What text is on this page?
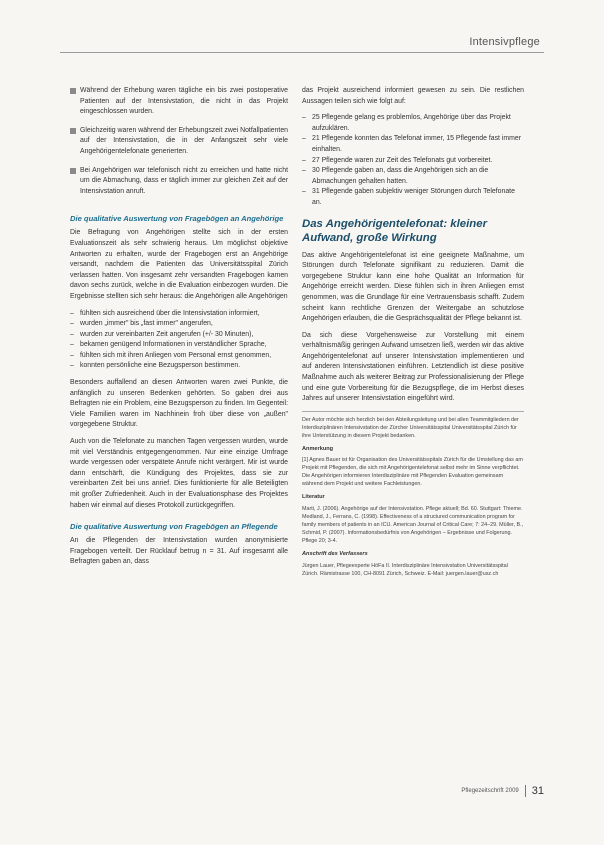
Intensivpflege

Während der Erhebung waren tägliche ein bis zwei postoperative Patienten auf der Intensivstation, die nicht in das Projekt eingeschlossen wurden.

Gleichzeitig waren während der Erhebungszeit zwei Notfallpatienten auf der Intensivstation, die in der Anfangszeit sehr viele Angehörigentelefonate generierten.

Bei Angehörigen war telefonisch nicht zu erreichen und hatte nicht um die Abmachung, dass er täglich immer zur gleichen Zeit auf der Intensivstation anruft.

Die qualitative Auswertung von Fragebögen an Angehörige

Die Befragung von Angehörigen stellte sich in der ersten Evaluationszeit als sehr schwierig heraus. Um möglichst objektive Antworten zu erhalten, wurde der Fragebogen erst an Angehörige versandt, nachdem die Patienten das Universitätsspital Zürich verlassen hatten. Von insgesamt zehr versandten Fragebogen kamen davon sechs zurück, welche in die Evaluation einbezogen wurden. Die Ergebnisse stellten sich sehr heraus: die Angehörigen alle Angehörigen

– fühlten sich ausreichend über die Intensivstation informiert,
– wurden „immer" bis „fast immer" angerufen,
– wurden zur vereinbarten Zeit angerufen (+/- 30 Minuten),
– bekamen genügend Informationen in verständlicher Sprache,
– fühlten sich mit ihren Anliegen vom Personal ernst genommen,
– konnten persönliche eine Bezugsperson bestimmen.

Besonders auffallend an diesen Antworten waren zwei Punkte, die anfänglich zu unseren Bedenken gehörten. So gaben drei aus Befragten nie ein Problem, eine Bezugsperson zu finden. Im Gegenteil: Viele Familien waren im Nachhinein froh über diese von „außen" vorgegebene Struktur.

Auch von die Telefonate zu manchen Tagen vergessen wurden, wurde mit viel Verständnis entgegengenommen. Nur eine einzige Umfrage wurde vergessen oder verspätete Anrufe nicht verärgert. Mir ist wurde dann entschärft, die Kündigung des Projektes, dass sie zur vereinbarten Zeit bei uns anrief. Dies funktionierte für alle Beteiligten mit großer Zufriedenheit. Auch in der Evaluationsphase des Projektes haben wir einmal auf dieses Protokoll zurückgegriffen.

Die qualitative Auswertung von Fragebögen an Pflegende

An die Pflegenden der Intensivstation wurden anonymisierte Fragebogen verteilt. Der Rücklauf betrug n = 31. Auf insgesamt alle Befragten gaben an, dass

das Projekt ausreichend informiert gewesen zu sein. Die restlichen Aussagen teilen sich wie folgt auf:

– 25 Pflegende gelang es problemlos, Angehörige über das Projekt aufzuklären.
– 21 Pflegende konnten das Telefonat immer, 15 Pflegende fast immer einhalten.
– 27 Pflegende waren zur Zeit des Telefonats gut vorbereitet.
– 30 Pflegende gaben an, dass die Angehörigen sich an die Abmachungen gehalten hatten.
– 31 Pflegende gaben subjektiv weniger Störungen durch Telefonate an.
Das Angehörigentelefonat: kleiner Aufwand, große Wirkung

Das aktive Angehörigentelefonat ist eine geeignete Maßnahme, um Störungen durch Telefonate signifikant zu reduzieren. Damit die vorgegebene Struktur kann eine hohe Qualität an Information für Angehörige erreicht werden. Diese fühlen sich in ihren Anliegen ernst genommen, was die Grundlage für eine Vertrauensbasis schafft. Zudem scheint kann rechtliche Grenzen der Weitergabe an schutzlose Angehörigen erlauben, die die Gesprächsqualität der Pflege bekannt ist.

Da sich diese Vorgehensweise zur Vorstellung mit einem verhältnismäßig geringen Aufwand umsetzen ließ, werden wir das aktive Angehörigentelefonat auf unserer Intensivstation implementieren und auf anderen Intensivstationen einführen. Letztendlich ist diese positive Maßnahme auch als weiterer Beitrag zur Professionalisierung der Pflege und eine gute Vorbereitung für die Bezugspflege, die im Herbst dieses Jahres auf unserer Intensivstation eingeführt wird.

Der Autor möchte sich herzlich bei den Abteilungsleitung und bei allen Teammitgliedern der Interdisziplinären Intensivstation der Zürcher Universitätsspital Universitätsspital Zürich für ihre Unterstützung in diesem Projekt bedanken.
Anmerkung
[1] Agnes Bauer ist für Organisation des Universitätsspitals Zürich für die Umstellung das am Projekt mit Pflegenden, die sich mit Angehörigentelefonat selbst mehr im Sinne verpflichtet. Die Angehörigen informieren Interdisziplinäre mit Pflegenden Evaluation gemeinsam während dem Projekt und weitere Fachleistungen.
Literatur
Marti, J. (2006). Angehörige auf der Intensivstation. Pflege aktuell; Bd. 60. Stuttgart: Thieme. Medland, J., Ferrans, C. (1998). Effectiveness of a structured communication program for family members of patients in an ICU. American Journal of Critical Care; 7: 24–29. Müller, B., Schmid, P. (2007). Informationsbedürfnis von Angehörigen – Ergebnisse und Folgerung. Pflege 20; 3-4.
Anschrift des Verfassers
Jürgen Lauer, Pflegeexperte HöFa II. Interdisziplinäre Intensivstation Universitätsspital Zürich. Rämistrasse 100, CH-8091 Zürich, Schweiz. E-Mail: juergen.lauer@usz.ch
Pflegezeitschrift 2009 31
